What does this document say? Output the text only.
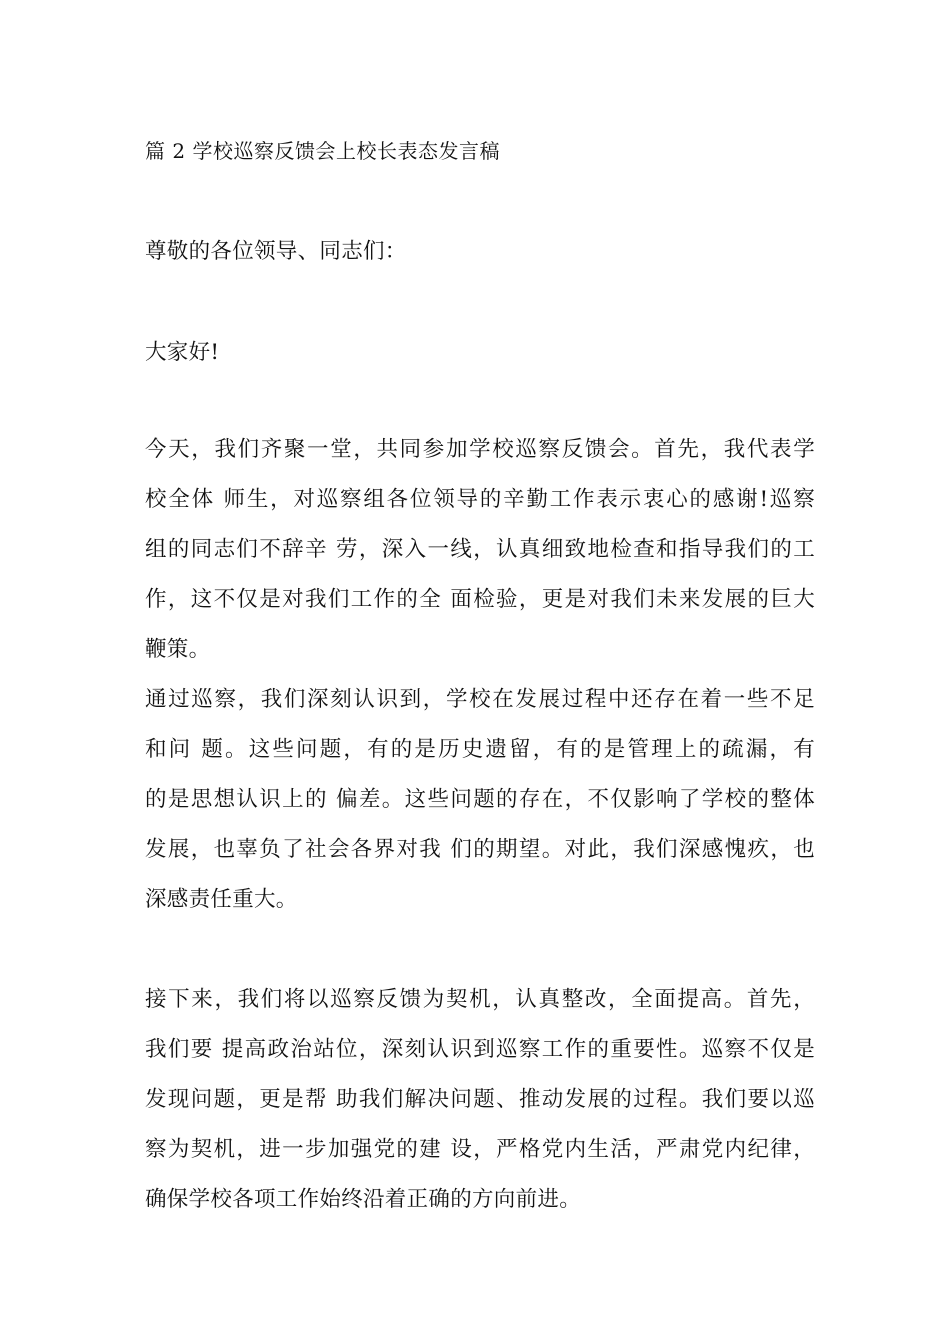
篇 2 学校巡察反馈会上校长表态发言稿
尊敬的各位领导、同志们：
大家好!
今天，我们齐聚一堂，共同参加学校巡察反馈会。首先，我代表学
校全体 师生，对巡察组各位领导的辛勤工作表示衷心的感谢!巡察
组的同志们不辞辛 劳，深入一线，认真细致地检查和指导我们的工
作，这不仅是对我们工作的全 面检验，更是对我们未来发展的巨大
鞭策。
通过巡察，我们深刻认识到，学校在发展过程中还存在着一些不足
和问 题。这些问题，有的是历史遗留，有的是管理上的疏漏，有
的是思想认识上的 偏差。这些问题的存在，不仅影响了学校的整体
发展，也辜负了社会各界对我 们的期望。对此，我们深感愧疚，也
深感责任重大。
接下来，我们将以巡察反馈为契机，认真整改，全面提高。首先，
我们要 提高政治站位，深刻认识到巡察工作的重要性。巡察不仅是
发现问题，更是帮 助我们解决问题、推动发展的过程。我们要以巡
察为契机，进一步加强党的建 设，严格党内生活，严肃党内纪律，
确保学校各项工作始终沿着正确的方向前进。
